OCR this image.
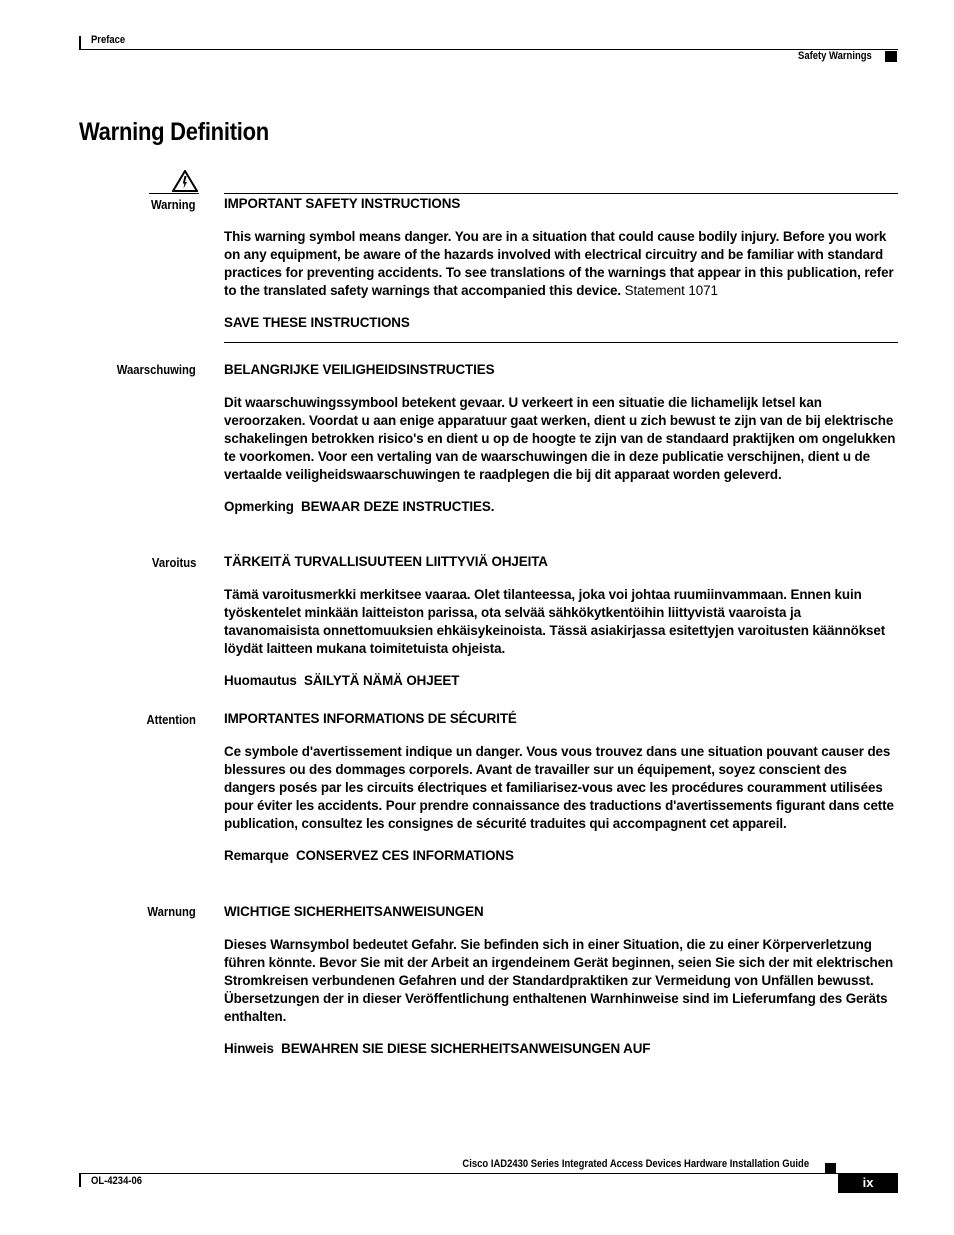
Preface
Safety Warnings
Warning Definition
Warning IMPORTANT SAFETY INSTRUCTIONS

This warning symbol means danger. You are in a situation that could cause bodily injury. Before you work on any equipment, be aware of the hazards involved with electrical circuitry and be familiar with standard practices for preventing accidents. To see translations of the warnings that appear in this publication, refer to the translated safety warnings that accompanied this device. Statement 1071

SAVE THESE INSTRUCTIONS

Waarschuwing BELANGRIJKE VEILIGHEIDSINSTRUCTIES

Dit waarschuwingssymbool betekent gevaar. U verkeert in een situatie die lichamelijk letsel kan veroorzaken. Voordat u aan enige apparatuur gaat werken, dient u zich bewust te zijn van de bij elektrische schakelingen betrokken risico's en dient u op de hoogte te zijn van de standaard praktijken om ongelukken te voorkomen. Voor een vertaling van de waarschuwingen die in deze publicatie verschijnen, dient u de vertaalde veiligheidswaarschuwingen te raadplegen die bij dit apparaat worden geleverd.

Opmerking BEWAAR DEZE INSTRUCTIES.

Varoitus TÄRKEITÄ TURVALLISUUTEEN LIITTYVIÄ OHJEITA

Tämä varoitusmerkki merkitsee vaaraa. Olet tilanteessa, joka voi johtaa ruumiinvammaan. Ennen kuin työskentelet minkään laitteiston parissa, ota selvää sähkökytkentöihin liittyvistä vaaroista ja tavanomaisista onnettomuuksien ehkäisykeinoista. Tässä asiakirjassa esitettyjen varoitusten käännökset löydät laitteen mukana toimitetuista ohjeista.

Huomautus SÄILYTÄ NÄMÄ OHJEET

Attention IMPORTANTES INFORMATIONS DE SÉCURITÉ

Ce symbole d'avertissement indique un danger. Vous vous trouvez dans une situation pouvant causer des blessures ou des dommages corporels. Avant de travailler sur un équipement, soyez conscient des dangers posés par les circuits électriques et familiarisez-vous avec les procédures couramment utilisées pour éviter les accidents. Pour prendre connaissance des traductions d'avertissements figurant dans cette publication, consultez les consignes de sécurité traduites qui accompagnent cet appareil.

Remarque CONSERVEZ CES INFORMATIONS

Warnung WICHTIGE SICHERHEITSANWEISUNGEN

Dieses Warnsymbol bedeutet Gefahr. Sie befinden sich in einer Situation, die zu einer Körperverletzung führen könnte. Bevor Sie mit der Arbeit an irgendeinem Gerät beginnen, seien Sie sich der mit elektrischen Stromkreisen verbundenen Gefahren und der Standardpraktiken zur Vermeidung von Unfällen bewusst. Übersetzungen der in dieser Veröffentlichung enthaltenen Warnhinweise sind im Lieferumfang des Geräts enthalten.

Hinweis BEWAHREN SIE DIESE SICHERHEITSANWEISUNGEN AUF

Cisco IAD2430 Series Integrated Access Devices Hardware Installation Guide
OL-4234-06	ix
